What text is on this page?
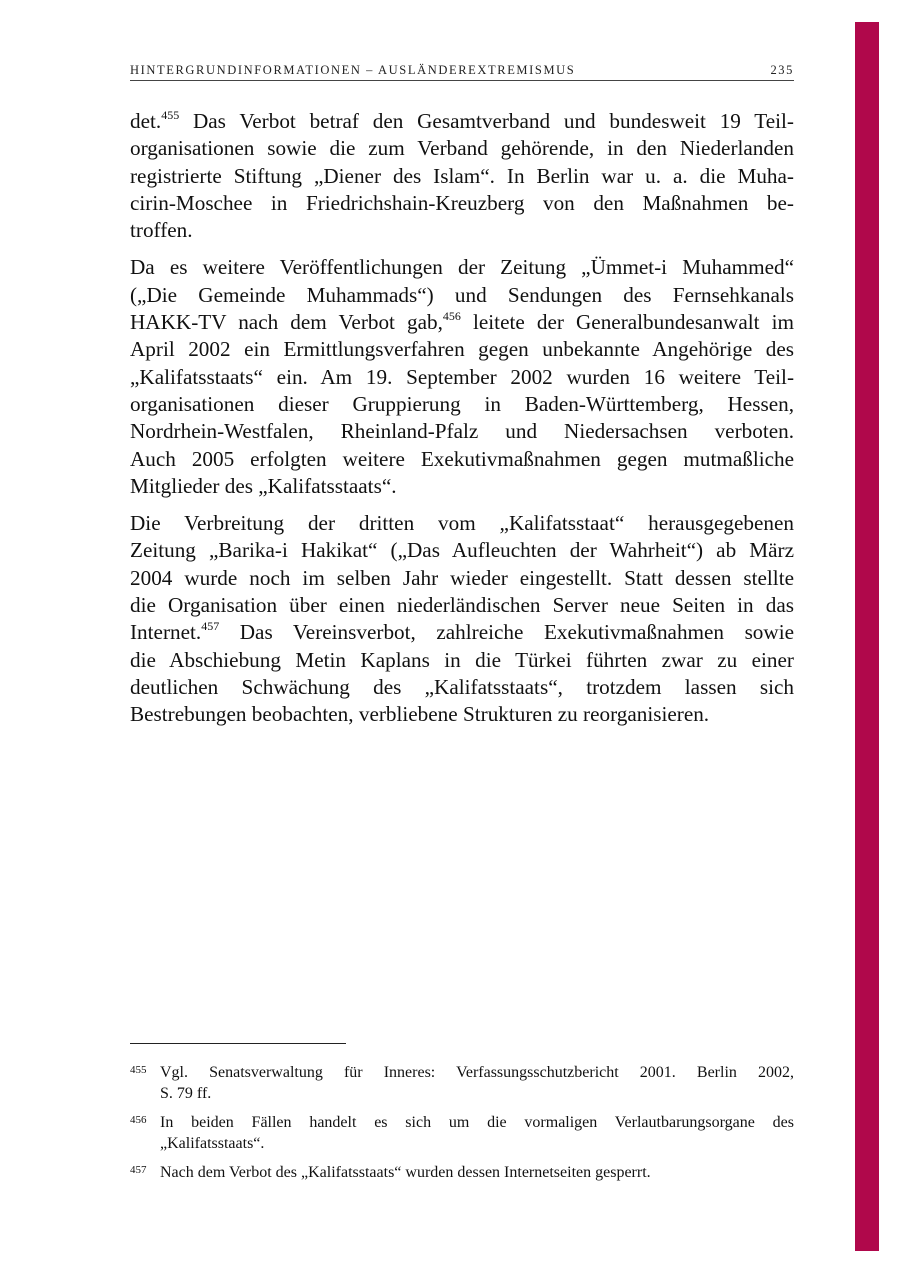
HINTERGRUNDINFORMATIONEN – AUSLÄNDEREXTREMISMUS	235

det.$^{455}$ Das Verbot betraf den Gesamtverband und bundesweit 19 Teil-
organisationen sowie die zum Verband gehörende, in den Niederlanden
registrierte Stiftung „Diener des Islam“. In Berlin war u. a. die Muha-
cirin-Moschee in Friedrichshain-Kreuzberg von den Maßnahmen be-
troffen.

Da es weitere Veröffentlichungen der Zeitung „Ümmet-i Muhammed“
(„Die Gemeinde Muhammads“) und Sendungen des Fernsehkanals
HAKK-TV nach dem Verbot gab,$^{456}$ leitete der Generalbundesanwalt im
April 2002 ein Ermittlungsverfahren gegen unbekannte Angehörige des
„Kalifatsstaats“ ein. Am 19. September 2002 wurden 16 weitere Teil-
organisationen dieser Gruppierung in Baden-Württemberg, Hessen,
Nordrhein-Westfalen, Rheinland-Pfalz und Niedersachsen verboten.
Auch 2005 erfolgten weitere Exekutivmaßnahmen gegen mutmaßliche
Mitglieder des „Kalifatsstaats“.

Die Verbreitung der dritten vom „Kalifatsstaat“ herausgegebenen
Zeitung „Barika-i Hakikat“ („Das Aufleuchten der Wahrheit“) ab März
2004 wurde noch im selben Jahr wieder eingestellt. Statt dessen stellte
die Organisation über einen niederländischen Server neue Seiten in das
Internet.$^{457}$ Das Vereinsverbot, zahlreiche Exekutivmaßnahmen sowie
die Abschiebung Metin Kaplans in die Türkei führten zwar zu einer
deutlichen Schwächung des „Kalifatsstaats“, trotzdem lassen sich
Bestrebungen beobachten, verbliebene Strukturen zu reorganisieren.

455 Vgl. Senatsverwaltung für Inneres: Verfassungsschutzbericht 2001. Berlin 2002,
S. 79 ff.
456 In beiden Fällen handelt es sich um die vormaligen Verlautbarungsorgane des
„Kalifatsstaats“.
457 Nach dem Verbot des „Kalifatsstaats“ wurden dessen Internetseiten gesperrt.
